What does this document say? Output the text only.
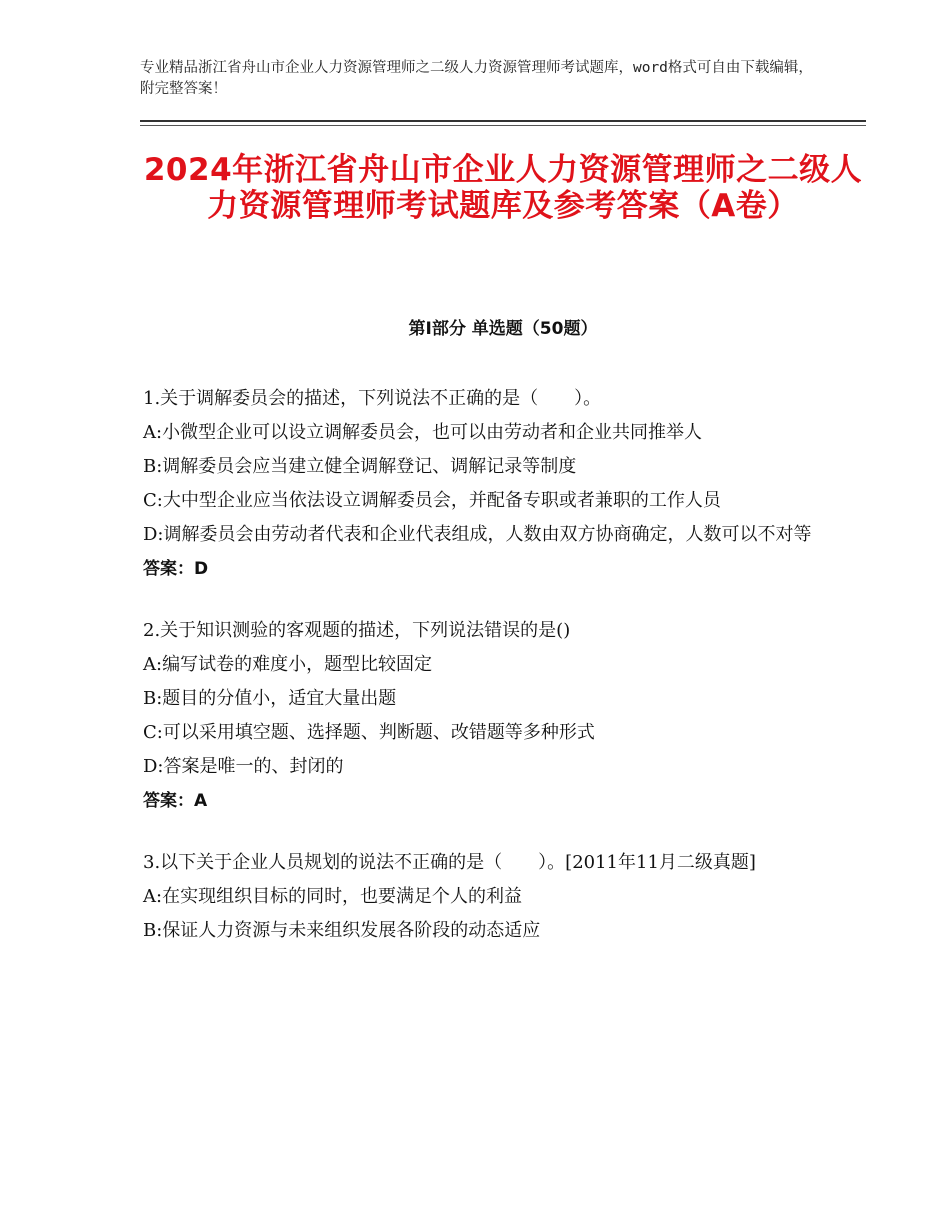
专业精品浙江省舟山市企业人力资源管理师之二级人力资源管理师考试题库，word格式可自由下载编辑，附完整答案！
2024年浙江省舟山市企业人力资源管理师之二级人力资源管理师考试题库及参考答案（A卷）
第Ⅰ部分 单选题（50题）
1.关于调解委员会的描述，下列说法不正确的是（　　）。
A:小微型企业可以设立调解委员会，也可以由劳动者和企业共同推举人
B:调解委员会应当建立健全调解登记、调解记录等制度
C:大中型企业应当依法设立调解委员会，并配备专职或者兼职的工作人员
D:调解委员会由劳动者代表和企业代表组成，人数由双方协商确定，人数可以不对等
答案：D
2.关于知识测验的客观题的描述，下列说法错误的是()
A:编写试卷的难度小，题型比较固定
B:题目的分值小，适宜大量出题
C:可以采用填空题、选择题、判断题、改错题等多种形式
D:答案是唯一的、封闭的
答案：A
3.以下关于企业人员规划的说法不正确的是（　　）。[2011年11月二级真题]
A:在实现组织目标的同时，也要满足个人的利益
B:保证人力资源与未来组织发展各阶段的动态适应
